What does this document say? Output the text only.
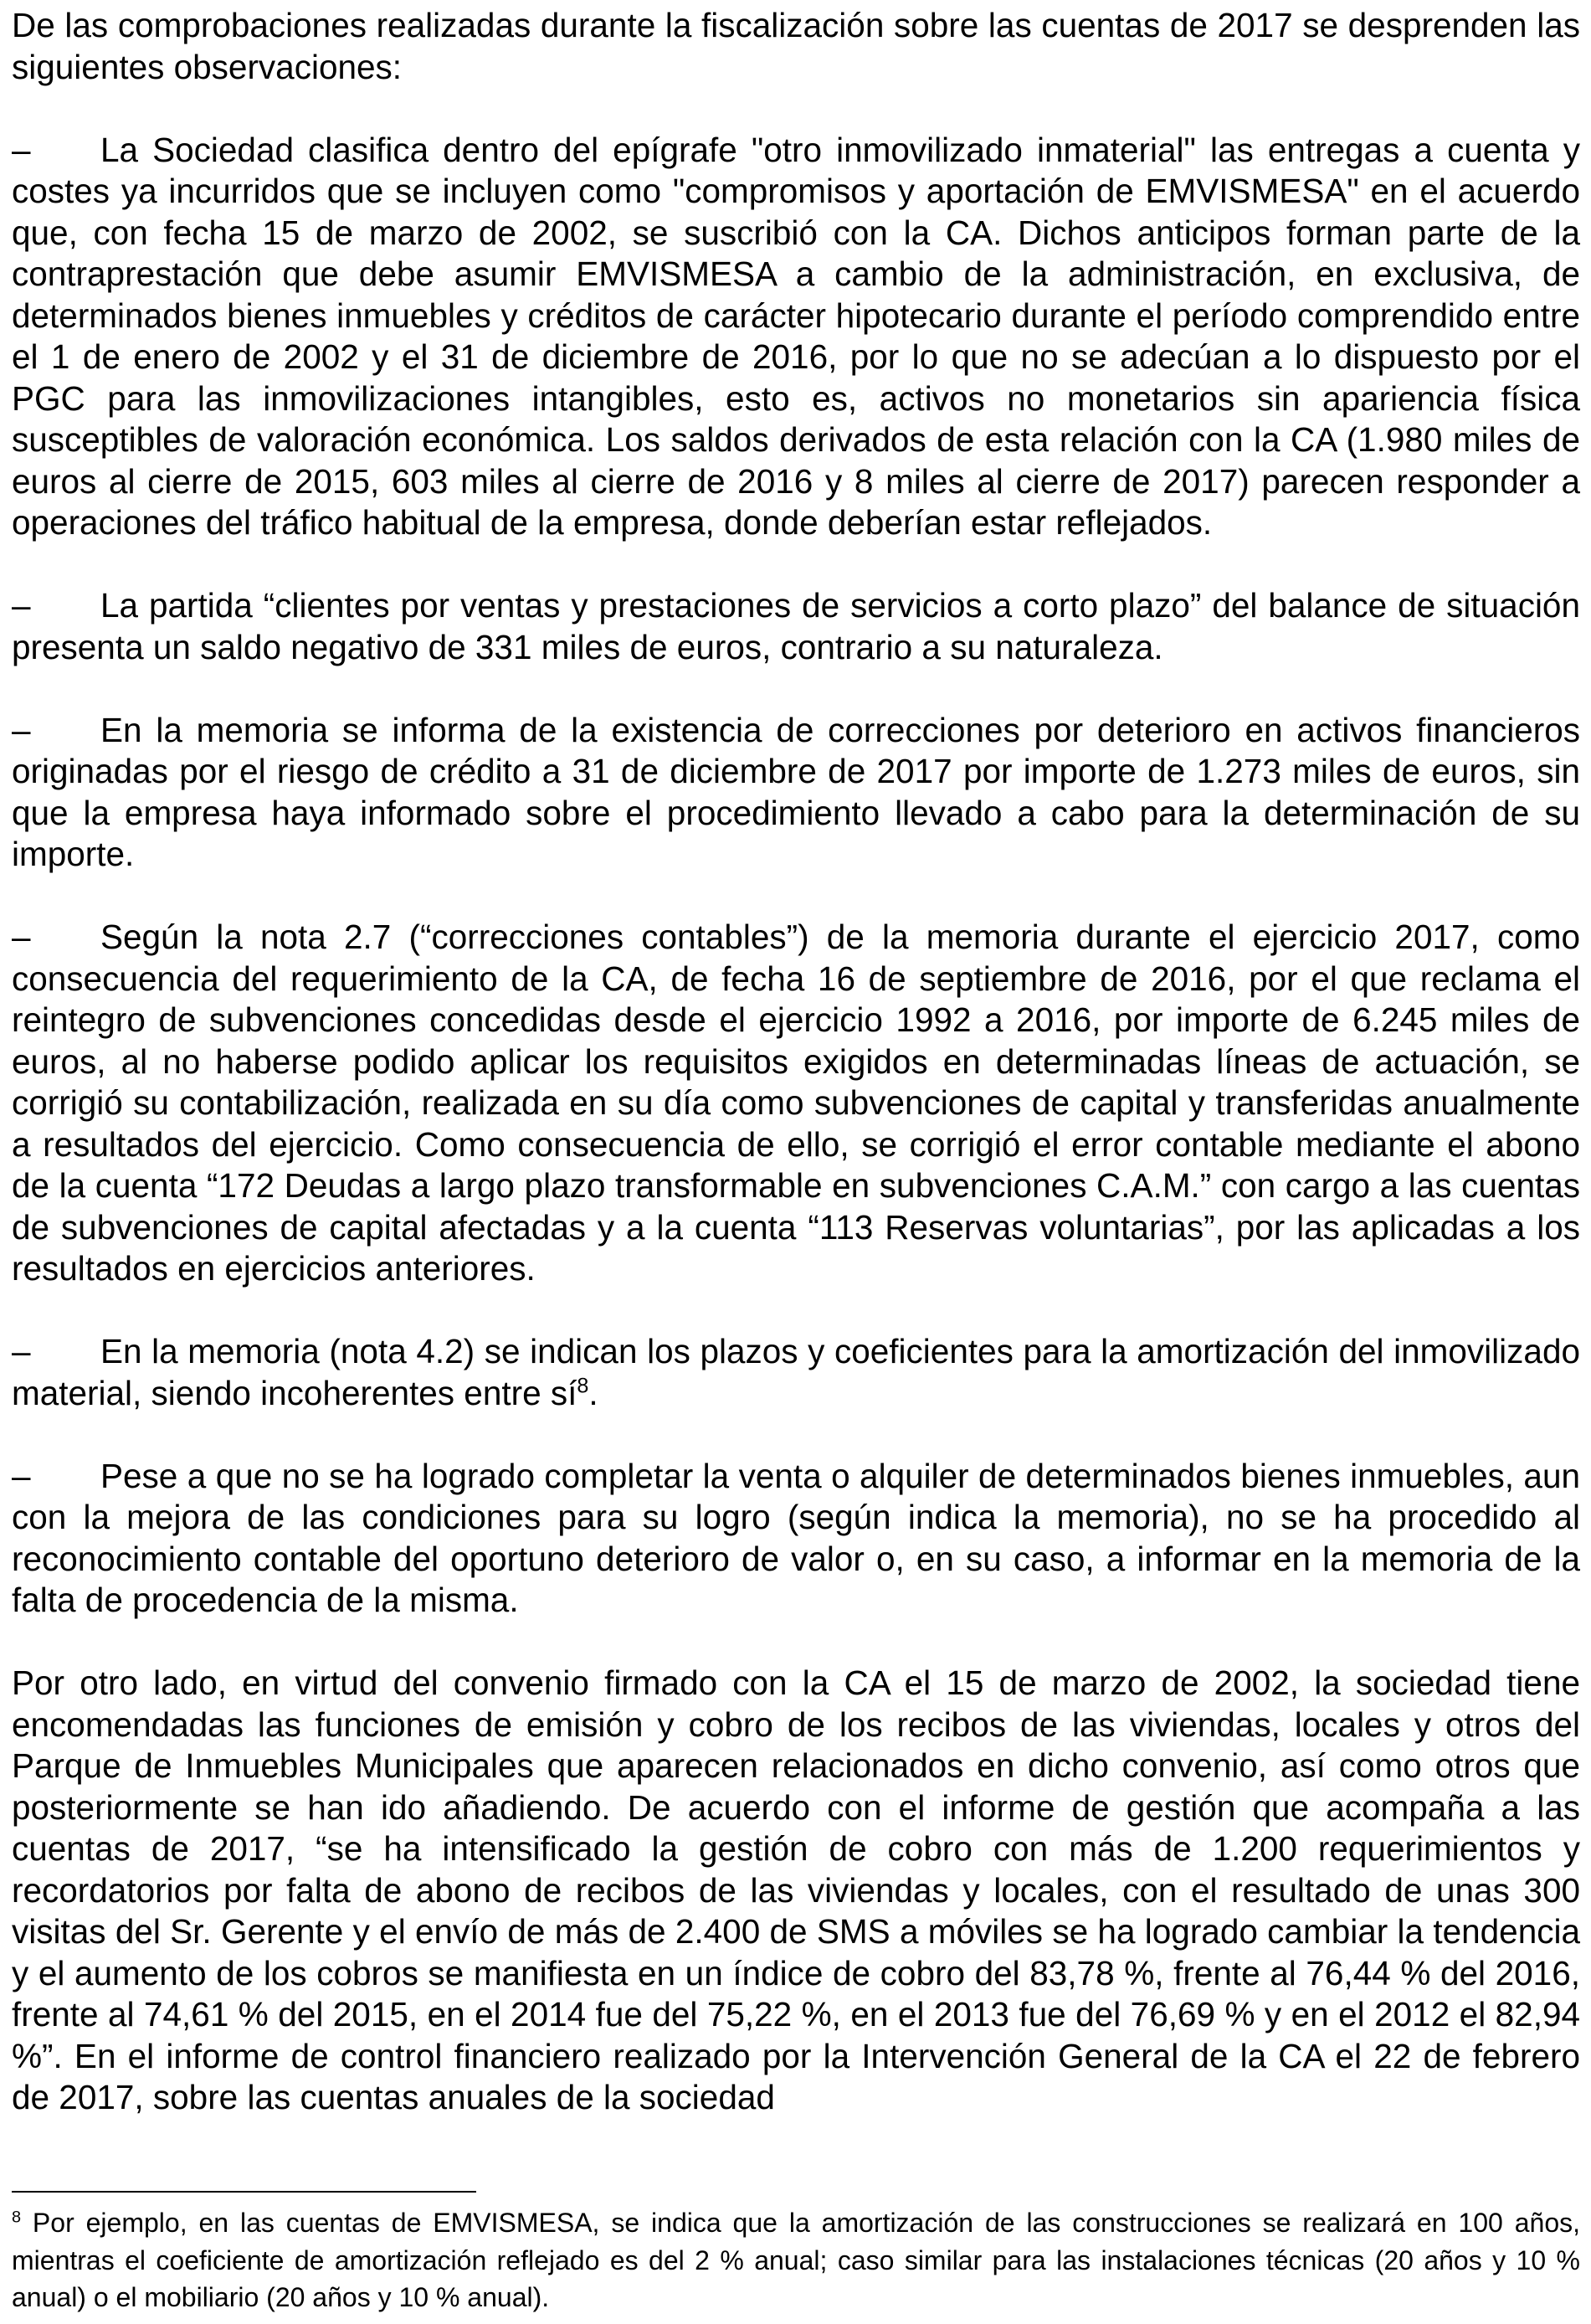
De las comprobaciones realizadas durante la fiscalización sobre las cuentas de 2017 se desprenden las siguientes observaciones:

– La Sociedad clasifica dentro del epígrafe "otro inmovilizado inmaterial" las entregas a cuenta y costes ya incurridos que se incluyen como "compromisos y aportación de EMVISMESA" en el acuerdo que, con fecha 15 de marzo de 2002, se suscribió con la CA. Dichos anticipos forman parte de la contraprestación que debe asumir EMVISMESA a cambio de la administración, en exclusiva, de determinados bienes inmuebles y créditos de carácter hipotecario durante el período comprendido entre el 1 de enero de 2002 y el 31 de diciembre de 2016, por lo que no se adecúan a lo dispuesto por el PGC para las inmovilizaciones intangibles, esto es, activos no monetarios sin apariencia física susceptibles de valoración económica. Los saldos derivados de esta relación con la CA (1.980 miles de euros al cierre de 2015, 603 miles al cierre de 2016 y 8 miles al cierre de 2017) parecen responder a operaciones del tráfico habitual de la empresa, donde deberían estar reflejados.

– La partida “clientes por ventas y prestaciones de servicios a corto plazo” del balance de situación presenta un saldo negativo de 331 miles de euros, contrario a su naturaleza.

– En la memoria se informa de la existencia de correcciones por deterioro en activos financieros originadas por el riesgo de crédito a 31 de diciembre de 2017 por importe de 1.273 miles de euros, sin que la empresa haya informado sobre el procedimiento llevado a cabo para la determinación de su importe.

– Según la nota 2.7 (“correcciones contables”) de la memoria durante el ejercicio 2017, como consecuencia del requerimiento de la CA, de fecha 16 de septiembre de 2016, por el que reclama el reintegro de subvenciones concedidas desde el ejercicio 1992 a 2016, por importe de 6.245 miles de euros, al no haberse podido aplicar los requisitos exigidos en determinadas líneas de actuación, se corrigió su contabilización, realizada en su día como subvenciones de capital y transferidas anualmente a resultados del ejercicio. Como consecuencia de ello, se corrigió el error contable mediante el abono de la cuenta “172 Deudas a largo plazo transformable en subvenciones C.A.M.” con cargo a las cuentas de subvenciones de capital afectadas y a la cuenta “113 Reservas voluntarias”, por las aplicadas a los resultados en ejercicios anteriores.

– En la memoria (nota 4.2) se indican los plazos y coeficientes para la amortización del inmovilizado material, siendo incoherentes entre $sí^8$.

– Pese a que no se ha logrado completar la venta o alquiler de determinados bienes inmuebles, aun con la mejora de las condiciones para su logro (según indica la memoria), no se ha procedido al reconocimiento contable del oportuno deterioro de valor o, en su caso, a informar en la memoria de la falta de procedencia de la misma.

Por otro lado, en virtud del convenio firmado con la CA el 15 de marzo de 2002, la sociedad tiene encomendadas las funciones de emisión y cobro de los recibos de las viviendas, locales y otros del Parque de Inmuebles Municipales que aparecen relacionados en dicho convenio, así como otros que posteriormente se han ido añadiendo. De acuerdo con el informe de gestión que acompaña a las cuentas de 2017, “se ha intensificado la gestión de cobro con más de 1.200 requerimientos y recordatorios por falta de abono de recibos de las viviendas y locales, con el resultado de unas 300 visitas del Sr. Gerente y el envío de más de 2.400 de SMS a móviles se ha logrado cambiar la tendencia y el aumento de los cobros se manifiesta en un índice de cobro del 83,78 %, frente al 76,44 % del 2016, frente al 74,61 % del 2015, en el 2014 fue del 75,22 %, en el 2013 fue del 76,69 % y en el 2012 el 82,94 %”. En el informe de control financiero realizado por la Intervención General de la CA el 22 de febrero de 2017, sobre las cuentas anuales de la sociedad

$^8$ Por ejemplo, en las cuentas de EMVISMESA, se indica que la amortización de las construcciones se realizará en 100 años, mientras el coeficiente de amortización reflejado es del 2 % anual; caso similar para las instalaciones técnicas (20 años y 10 % anual) o el mobiliario (20 años y 10 % anual).
